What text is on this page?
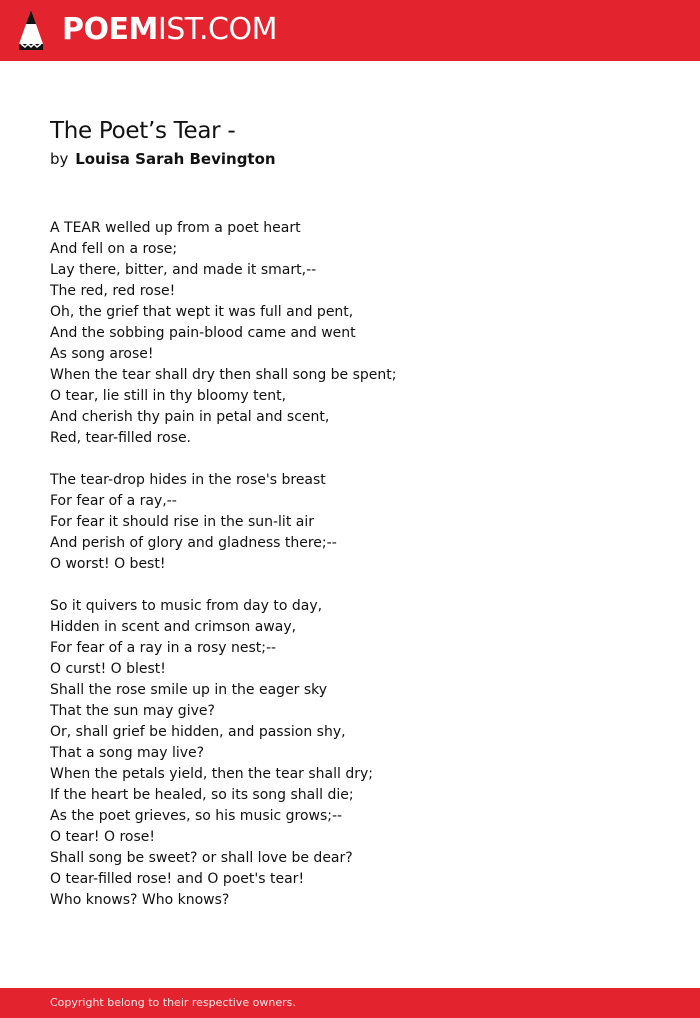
POEMIST.COM
The Poet’s Tear -
by Louisa Sarah Bevington
A TEAR welled up from a poet heart
And fell on a rose;
Lay there, bitter, and made it smart,--
The red, red rose!
Oh, the grief that wept it was full and pent,
And the sobbing pain-blood came and went
As song arose!
When the tear shall dry then shall song be spent;
O tear, lie still in thy bloomy tent,
And cherish thy pain in petal and scent,
Red, tear-filled rose.
The tear-drop hides in the rose's breast
For fear of a ray,--
For fear it should rise in the sun-lit air
And perish of glory and gladness there;--
O worst! O best!
So it quivers to music from day to day,
Hidden in scent and crimson away,
For fear of a ray in a rosy nest;--
O curst! O blest!
Shall the rose smile up in the eager sky
That the sun may give?
Or, shall grief be hidden, and passion shy,
That a song may live?
When the petals yield, then the tear shall dry;
If the heart be healed, so its song shall die;
As the poet grieves, so his music grows;--
O tear! O rose!
Shall song be sweet? or shall love be dear?
O tear-filled rose! and O poet's tear!
Who knows? Who knows?
Copyright belong to their respective owners.
